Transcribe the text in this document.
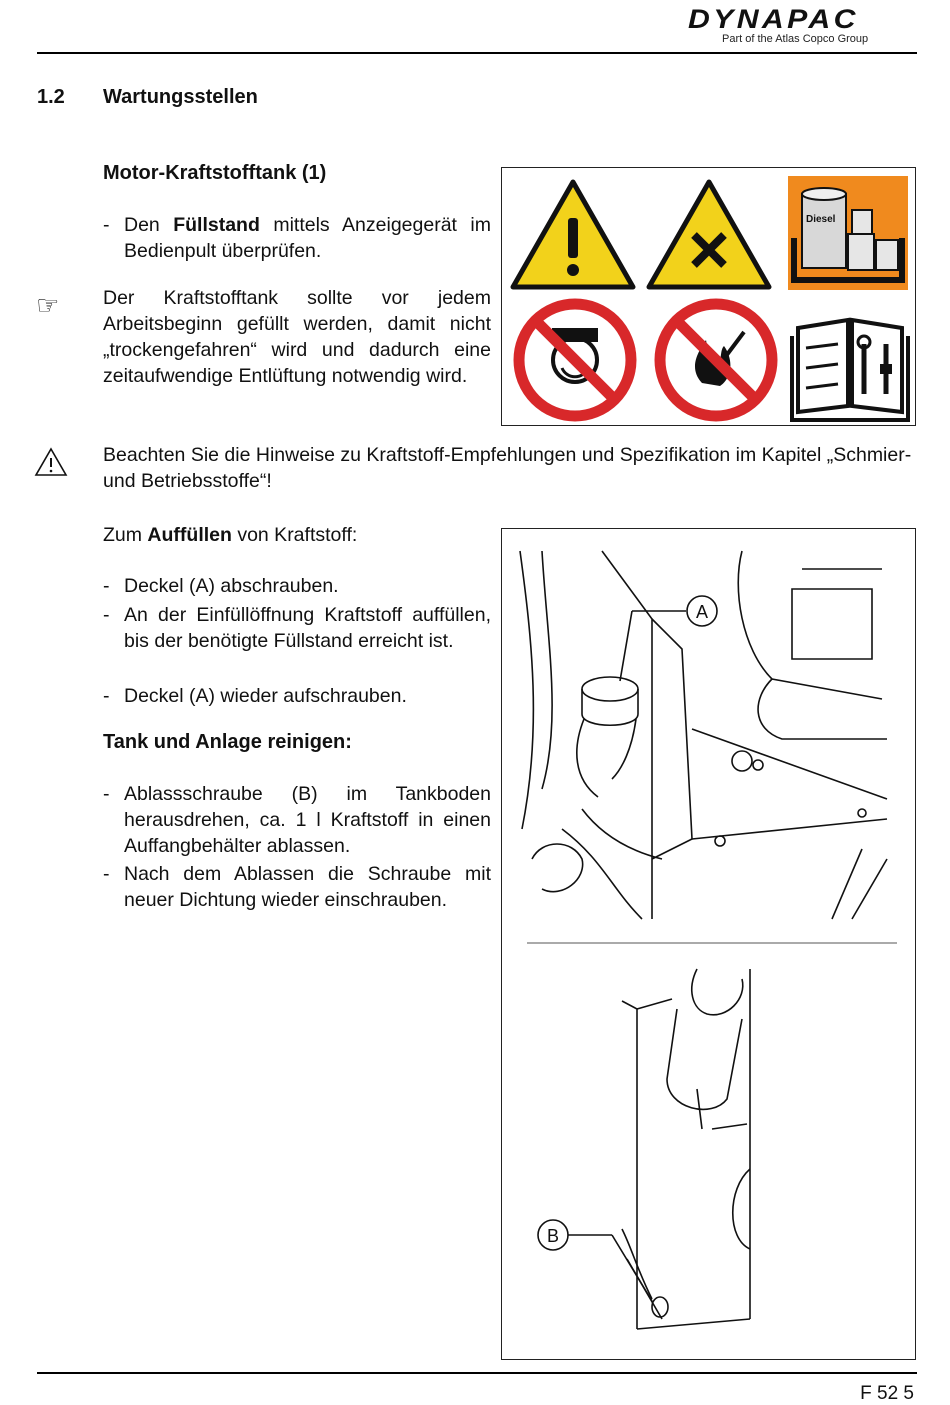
DYNAPAC
Part of the Atlas Copco Group
1.2 Wartungsstellen
Motor-Kraftstofftank (1)
- Den Füllstand mittels Anzeigegerät im Bedienpult überprüfen.
☞ Der Kraftstofftank sollte vor jedem Arbeitsbeginn gefüllt werden, damit nicht „trockengefahren“ wird und dadurch eine zeitaufwendige Entlüftung notwendig wird.
Beachten Sie die Hinweise zu Kraftstoff-Empfehlungen und Spezifikation im Kapitel „Schmier- und Betriebsstoffe“!
Diesel
Zum Auffüllen von Kraftstoff:
- Deckel (A) abschrauben.
- An der Einfüllöffnung Kraftstoff auffüllen, bis der benötigte Füllstand erreicht ist.
- Deckel (A) wieder aufschrauben.
Tank und Anlage reinigen:
- Ablassschraube (B) im Tankboden herausdrehen, ca. 1 l Kraftstoff in einen Auffangbehälter ablassen.
- Nach dem Ablassen die Schraube mit neuer Dichtung wieder einschrauben.
A
B
F 52 5
